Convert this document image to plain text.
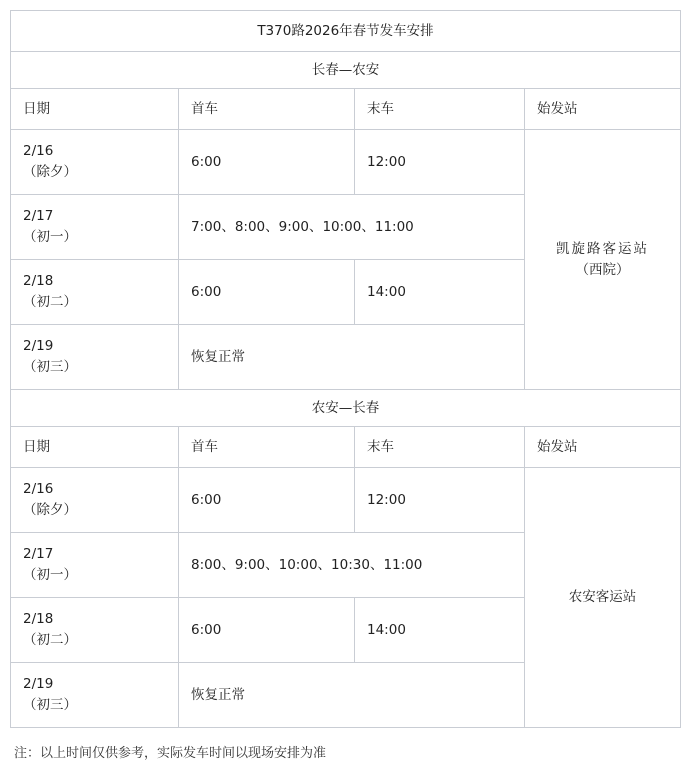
T370路2026年春节发车安排			
长春—农安			
日期	首车	末车	始发站

2/16
（除夕）	6:00	12:00	凯旋路客运站
（西院）

2/17
（初一）	7:00、8:00、9:00、10:00、11:00		

2/18
（初二）	6:00	14:00	

2/19
（初三）	恢复正常		
农安—长春			
日期	首车	末车	始发站

2/16
（除夕）	6:00	12:00	农安客运站

2/17
（初一）	8:00、9:00、10:00、10:30、11:00		

2/18
（初二）	6:00	14:00	

2/19
（初三）	恢复正常		
注：以上时间仅供参考，实际发车时间以现场安排为准
